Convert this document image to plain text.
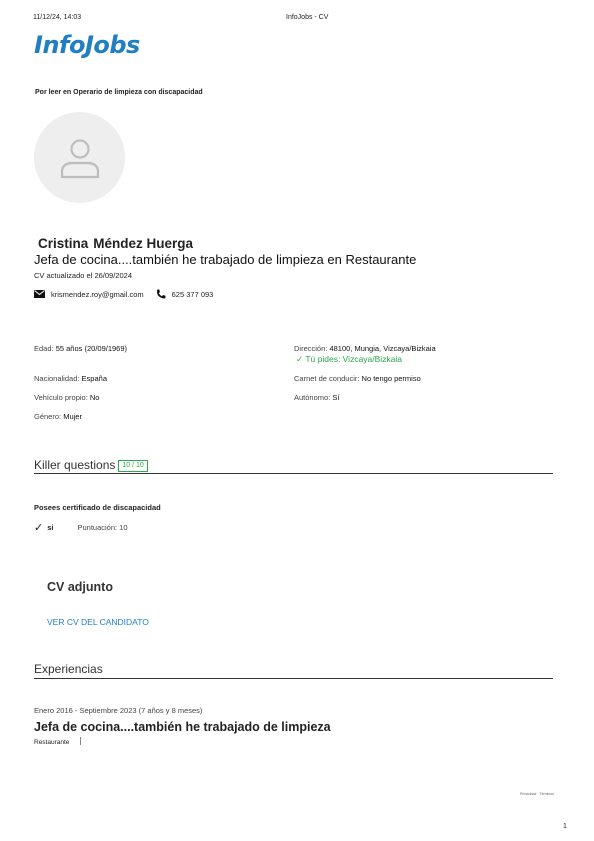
11/12/24, 14:03	InfoJobs - CV
InfoJobs
Por leer en Operario de limpieza con discapacidad
Cristina Méndez Huerga
Jefa de cocina....también he trabajado de limpieza en Restaurante
CV actualizado el 26/09/2024
krismendez.roy@gmail.com	625 377 093
Edad: 55 años (20/09/1969)
Nacionalidad: España
Vehículo propio: No
Género: Mujer
Dirección: 48100, Mungia, Vizcaya/Bizkaia
✓ Tú pides: Vizcaya/Bizkaia
Carnet de conducir: No tengo permiso
Autónomo: Sí
Killer questions 10 / 10
Posees certificado de discapacidad
✓ si	Puntuación: 10
CV adjunto
VER CV DEL CANDIDATO
Experiencias
Enero 2016 - Septiembre 2023 (7 años y 8 meses)
Jefa de cocina....también he trabajado de limpieza
Restaurante
Privacidad · Términos
1
